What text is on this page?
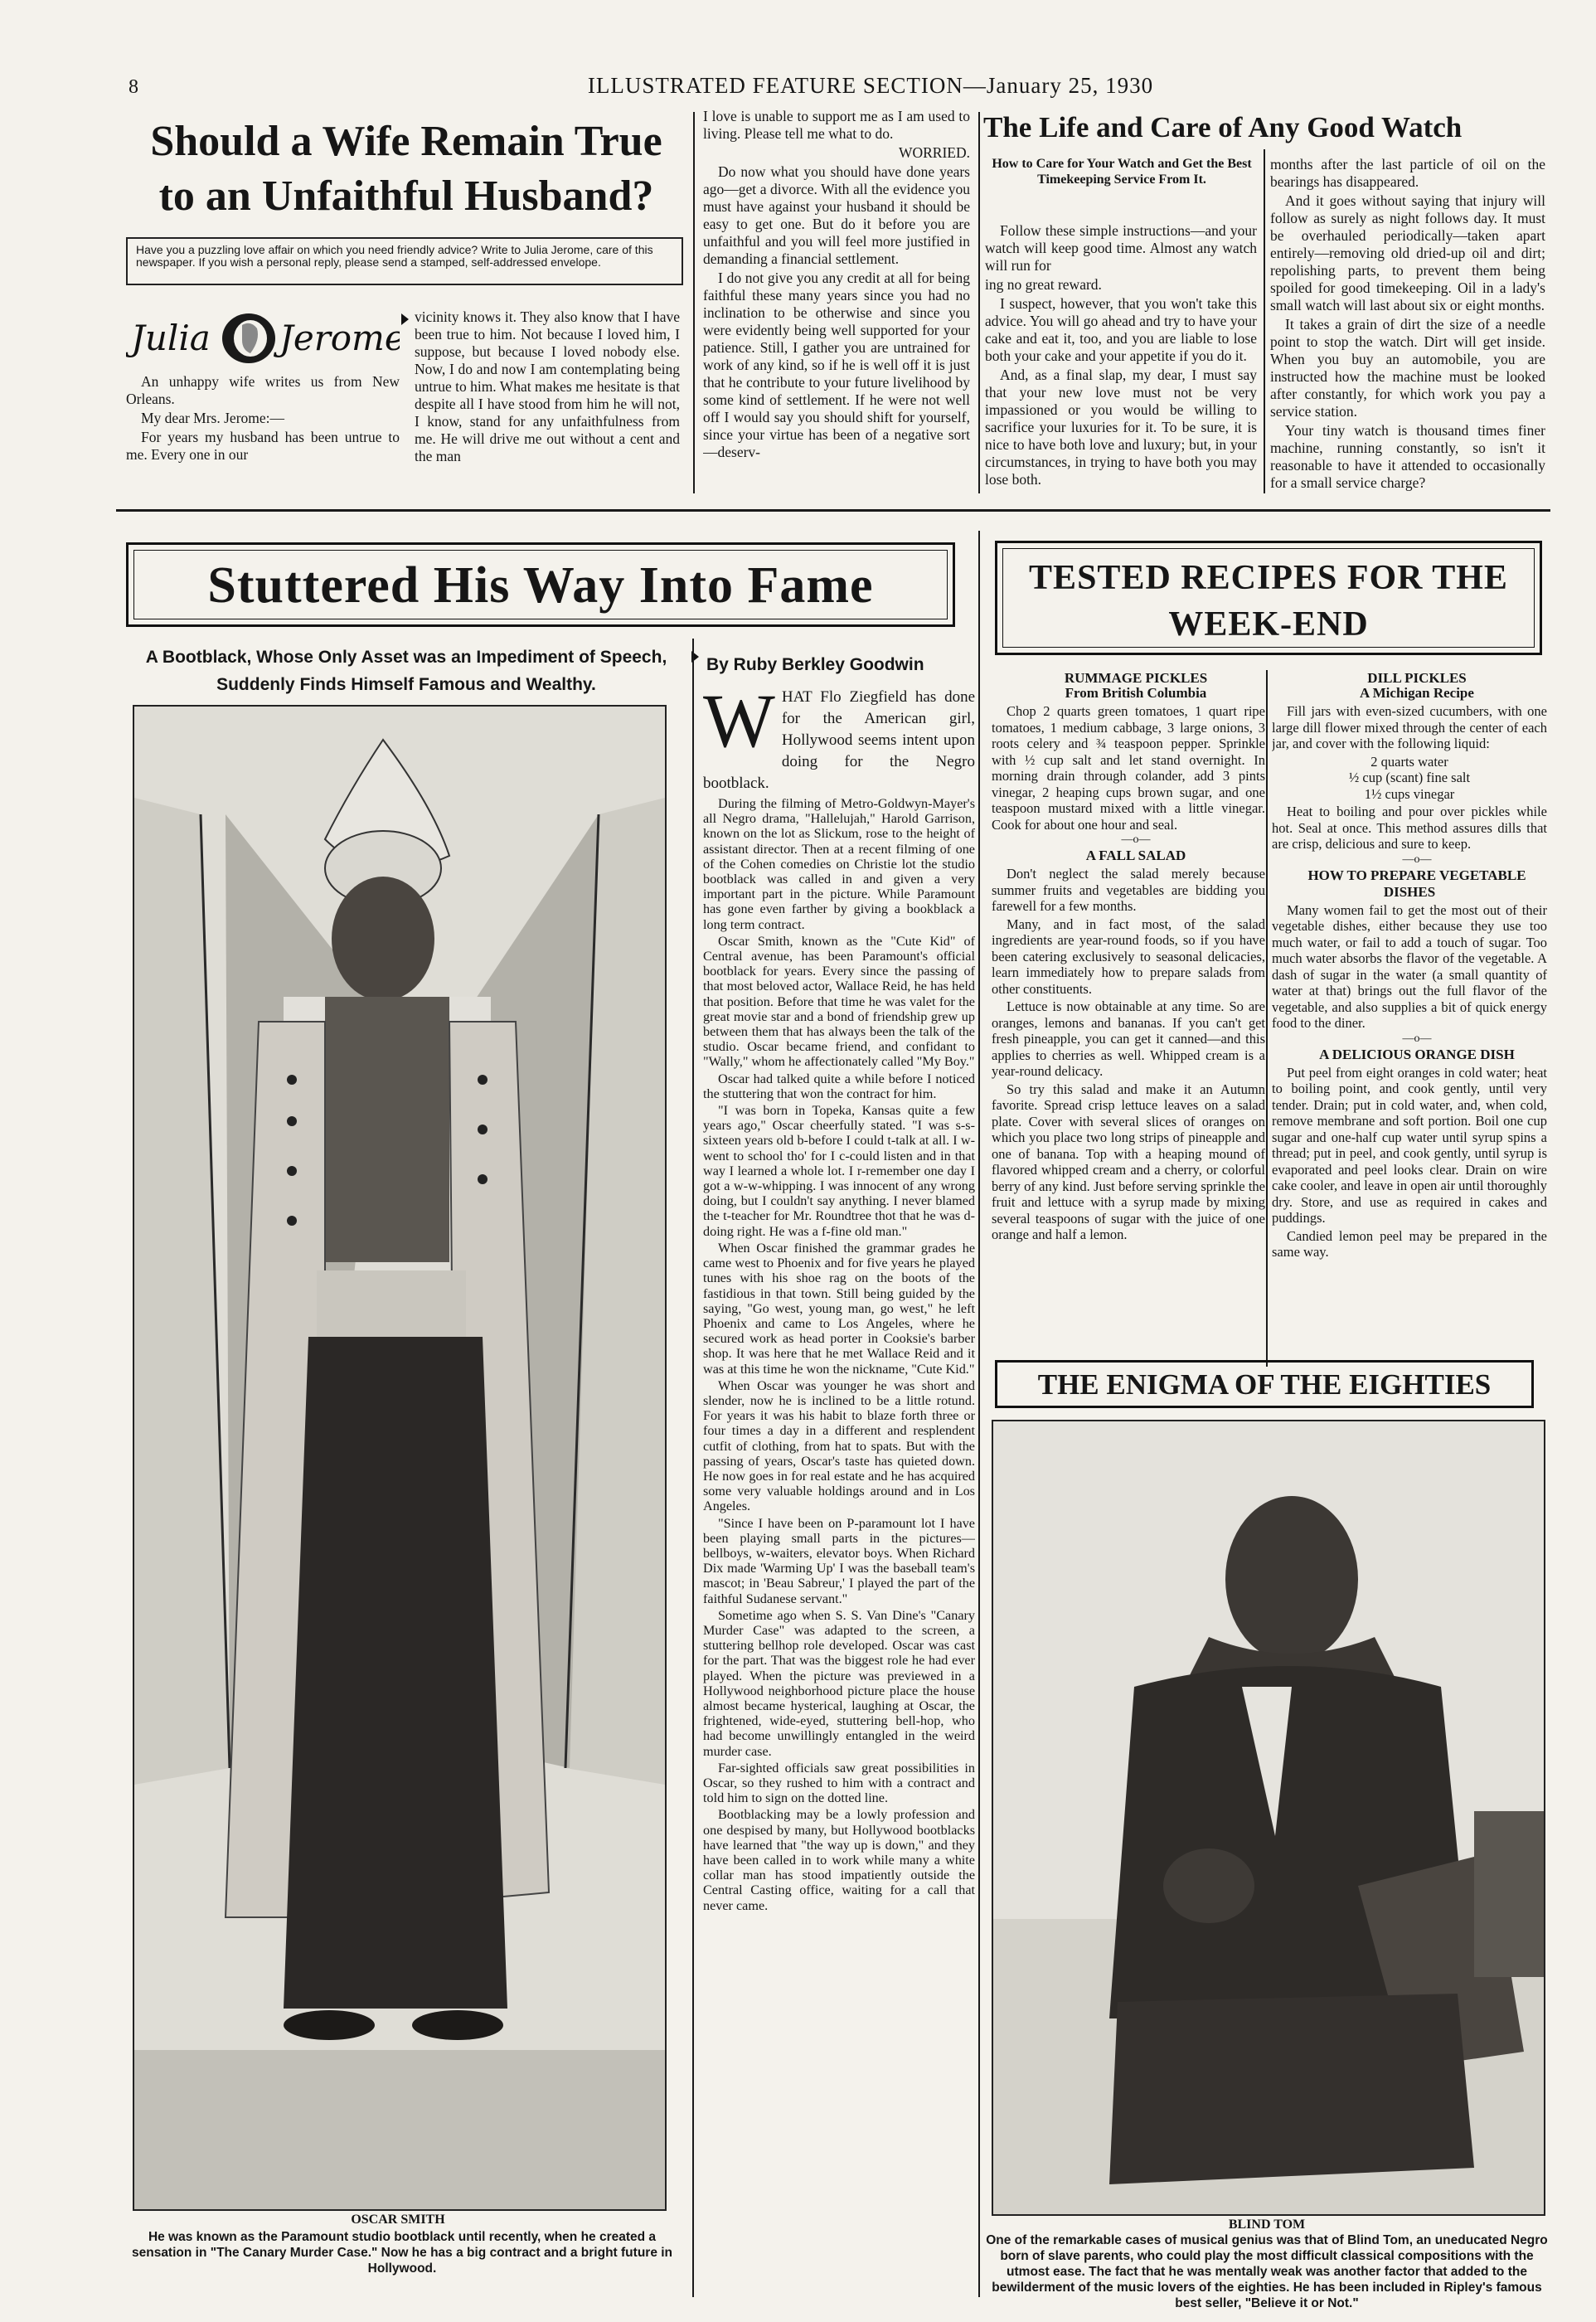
8	ILLUSTRATED FEATURE SECTION—January 25, 1930
Should a Wife Remain True
to an Unfaithful Husband?
Have you a puzzling love affair on which you need friendly advice? Write to Julia Jerome, care of this newspaper. If you wish a personal reply, please send a stamped, self-addressed envelope.
Julia Jerome

An unhappy wife writes us from New Orleans.

My dear Mrs. Jerome:—

For years my husband has been untrue to me. Every one in our

vicinity knows it. They also know that I have been true to him. Not because I loved him, I suppose, but because I loved nobody else. Now, I do and now I am contemplating being untrue to him. What makes me hesitate is that despite all I have stood from him he will not, I know, stand for any unfaithfulness from me. He will drive me out without a cent and the man

I love is unable to support me as I am used to living. Please tell me what to do.

WORRIED.

Do now what you should have done years ago—get a divorce. With all the evidence you must have against your husband it should be easy to get one. But do it before you are unfaithful and you will feel more justified in demanding a financial settlement.

I do not give you any credit at all for being faithful these many years since you had no inclination to be otherwise and since you were evidently being well supported for your patience. Still, I gather you are untrained for work of any kind, so if he is well off it is just that he contribute to your future livelihood by some kind of settlement. If he were not well off I would say you should shift for yourself, since your virtue has been of a negative sort—deserv-

The Life and Care of Any Good Watch
How to Care for Your Watch and Get the Best Timekeeping Service From It.

Follow these simple instructions—and your watch will keep good time. Almost any watch will run for

ing no great reward.

I suspect, however, that you won't take this advice. You will go ahead and try to have your cake and eat it, too, and you are liable to lose both your cake and your appetite if you do it.

And, as a final slap, my dear, I must say that your new love must not be very impassioned or you would be willing to sacrifice your luxuries for it. To be sure, it is nice to have both love and luxury; but, in your circumstances, in trying to have both you may lose both.

months after the last particle of oil on the bearings has disappeared.

And it goes without saying that injury will follow as surely as night follows day. It must be overhauled periodically—taken apart entirely—removing old dried-up oil and dirt; repolishing parts, to prevent them being spoiled for good timekeeping. Oil in a lady's small watch will last about six or eight months.

It takes a grain of dirt the size of a needle point to stop the watch. Dirt will get inside. When you buy an automobile, you are instructed how the machine must be looked after constantly, for which work you pay a service station.

Your tiny watch is thousand times finer machine, running constantly, so isn't it reasonable to have it attended to occasionally for a small service charge?

Stuttered His Way Into Fame
A Bootblack, Whose Only Asset was an Impediment of Speech, Suddenly Finds Himself Famous and Wealthy.
OSCAR SMITH
He was known as the Paramount studio bootblack until recently, when he created a sensation in "The Canary Murder Case." Now he has a big contract and a bright future in Hollywood.
By Ruby Berkley Goodwin

W HAT Flo Ziegfield has done for the American girl, Hollywood seems intent upon doing for the Negro bootblack.

During the filming of Metro-Goldwyn-Mayer's all Negro drama, "Hallelujah," Harold Garrison, known on the lot as Slickum, rose to the height of assistant director. Then at a recent filming of one of the Cohen comedies on Christie lot the studio bootblack was called in and given a very important part in the picture. While Paramount has gone even farther by giving a bookblack a long term contract.

Oscar Smith, known as the "Cute Kid" of Central avenue, has been Paramount's official bootblack for years. Every since the passing of that most beloved actor, Wallace Reid, he has held that position. Before that time he was valet for the great movie star and a bond of friendship grew up between them that has always been the talk of the studio. Oscar became friend, and confidant to "Wally," whom he affectionately called "My Boy."

Oscar had talked quite a while before I noticed the stuttering that won the contract for him.

"I was born in Topeka, Kansas quite a few years ago," Oscar cheerfully stated. "I was s-s-sixteen years old b-before I could t-talk at all. I w-went to school tho' for I c-could listen and in that way I learned a whole lot. I r-remember one day I got a w-w-whipping. I was innocent of any wrong doing, but I couldn't say anything. I never blamed the t-teacher for Mr. Roundtree thot that he was d-doing right. He was a f-fine old man."

When Oscar finished the grammar grades he came west to Phoenix and for five years he played tunes with his shoe rag on the boots of the fastidious in that town. Still being guided by the saying, "Go west, young man, go west," he left Phoenix and came to Los Angeles, where he secured work as head porter in Cooksie's barber shop. It was here that he met Wallace Reid and it was at this time he won the nickname, "Cute Kid."

When Oscar was younger he was short and slender, now he is inclined to be a little rotund. For years it was his habit to blaze forth three or four times a day in a different and resplendent cutfit of clothing, from hat to spats. But with the passing of years, Oscar's taste has quieted down. He now goes in for real estate and he has acquired some very valuable holdings around and in Los Angeles.

"Since I have been on P-paramount lot I have been playing small parts in the pictures—bellboys, w-waiters, elevator boys. When Richard Dix made 'Warming Up' I was the baseball team's mascot; in 'Beau Sabreur,' I played the part of the faithful Sudanese servant."

Sometime ago when S. S. Van Dine's "Canary Murder Case" was adapted to the screen, a stuttering bellhop role developed. Oscar was cast for the part. That was the biggest role he had ever played. When the picture was previewed in a Hollywood neighborhood picture place the house almost became hysterical, laughing at Oscar, the frightened, wide-eyed, stuttering bell-hop, who had become unwillingly entangled in the weird murder case.

Far-sighted officials saw great possibilities in Oscar, so they rushed to him with a contract and told him to sign on the dotted line.

Bootblacking may be a lowly profession and one despised by many, but Hollywood bootblacks have learned that "the way up is down," and they have been called in to work while many a white collar man has stood impatiently outside the Central Casting office, waiting for a call that never came.

TESTED RECIPES FOR THE
WEEK-END

RUMMAGE PICKLES

From British Columbia

Chop 2 quarts green tomatoes, 1 quart ripe tomatoes, 1 medium cabbage, 3 large onions, 3 roots celery and ¾ teaspoon pepper. Sprinkle with ½ cup salt and let stand overnight. In morning drain through colander, add 3 pints vinegar, 2 heaping cups brown sugar, and one teaspoon mustard mixed with a little vinegar. Cook for about one hour and seal.

—o—

A FALL SALAD

Don't neglect the salad merely because summer fruits and vegetables are bidding you farewell for a few months.

Many, and in fact most, of the salad ingredients are year-round foods, so if you have been catering exclusively to seasonal delicacies, learn immediately how to prepare salads from other constituents.

Lettuce is now obtainable at any time. So are oranges, lemons and bananas. If you can't get fresh pineapple, you can get it canned—and this applies to cherries as well. Whipped cream is a year-round delicacy.

So try this salad and make it an Autumn favorite. Spread crisp lettuce leaves on a salad plate. Cover with several slices of oranges on which you place two long strips of pineapple and one of banana. Top with a heaping mound of flavored whipped cream and a cherry, or colorful berry of any kind. Just before serving sprinkle the fruit and lettuce with a syrup made by mixing several teaspoons of sugar with the juice of one orange and half a lemon.

DILL PICKLES

A Michigan Recipe

Fill jars with even-sized cucumbers, with one large dill flower mixed through the center of each jar, and cover with the following liquid:

2 quarts water

½ cup (scant) fine salt

1½ cups vinegar

Heat to boiling and pour over pickles while hot. Seal at once. This method assures dills that are crisp, delicious and sure to keep.

—o—

HOW TO PREPARE VEGETABLE DISHES

Many women fail to get the most out of their vegetable dishes, either because they use too much water, or fail to add a touch of sugar. Too much water absorbs the flavor of the vegetable. A dash of sugar in the water (a small quantity of water at that) brings out the full flavor of the vegetable, and also supplies a bit of quick energy food to the diner.

—o—

A DELICIOUS ORANGE DISH

Put peel from eight oranges in cold water; heat to boiling point, and cook gently, until very tender. Drain; put in cold water, and, when cold, remove membrane and soft portion. Boil one cup sugar and one-half cup water until syrup spins a thread; put in peel, and cook gently, until syrup is evaporated and peel looks clear. Drain on wire cake cooler, and leave in open air until thoroughly dry. Store, and use as required in cakes and puddings.

Candied lemon peel may be prepared in the same way.

THE ENIGMA OF THE EIGHTIES
BLIND TOM
One of the remarkable cases of musical genius was that of Blind Tom, an uneducated Negro born of slave parents, who could play the most difficult classical compositions with the utmost ease. The fact that he was mentally weak was another factor that added to the bewilderment of the music lovers of the eighties. He has been included in Ripley's famous best seller, "Believe it or Not."
